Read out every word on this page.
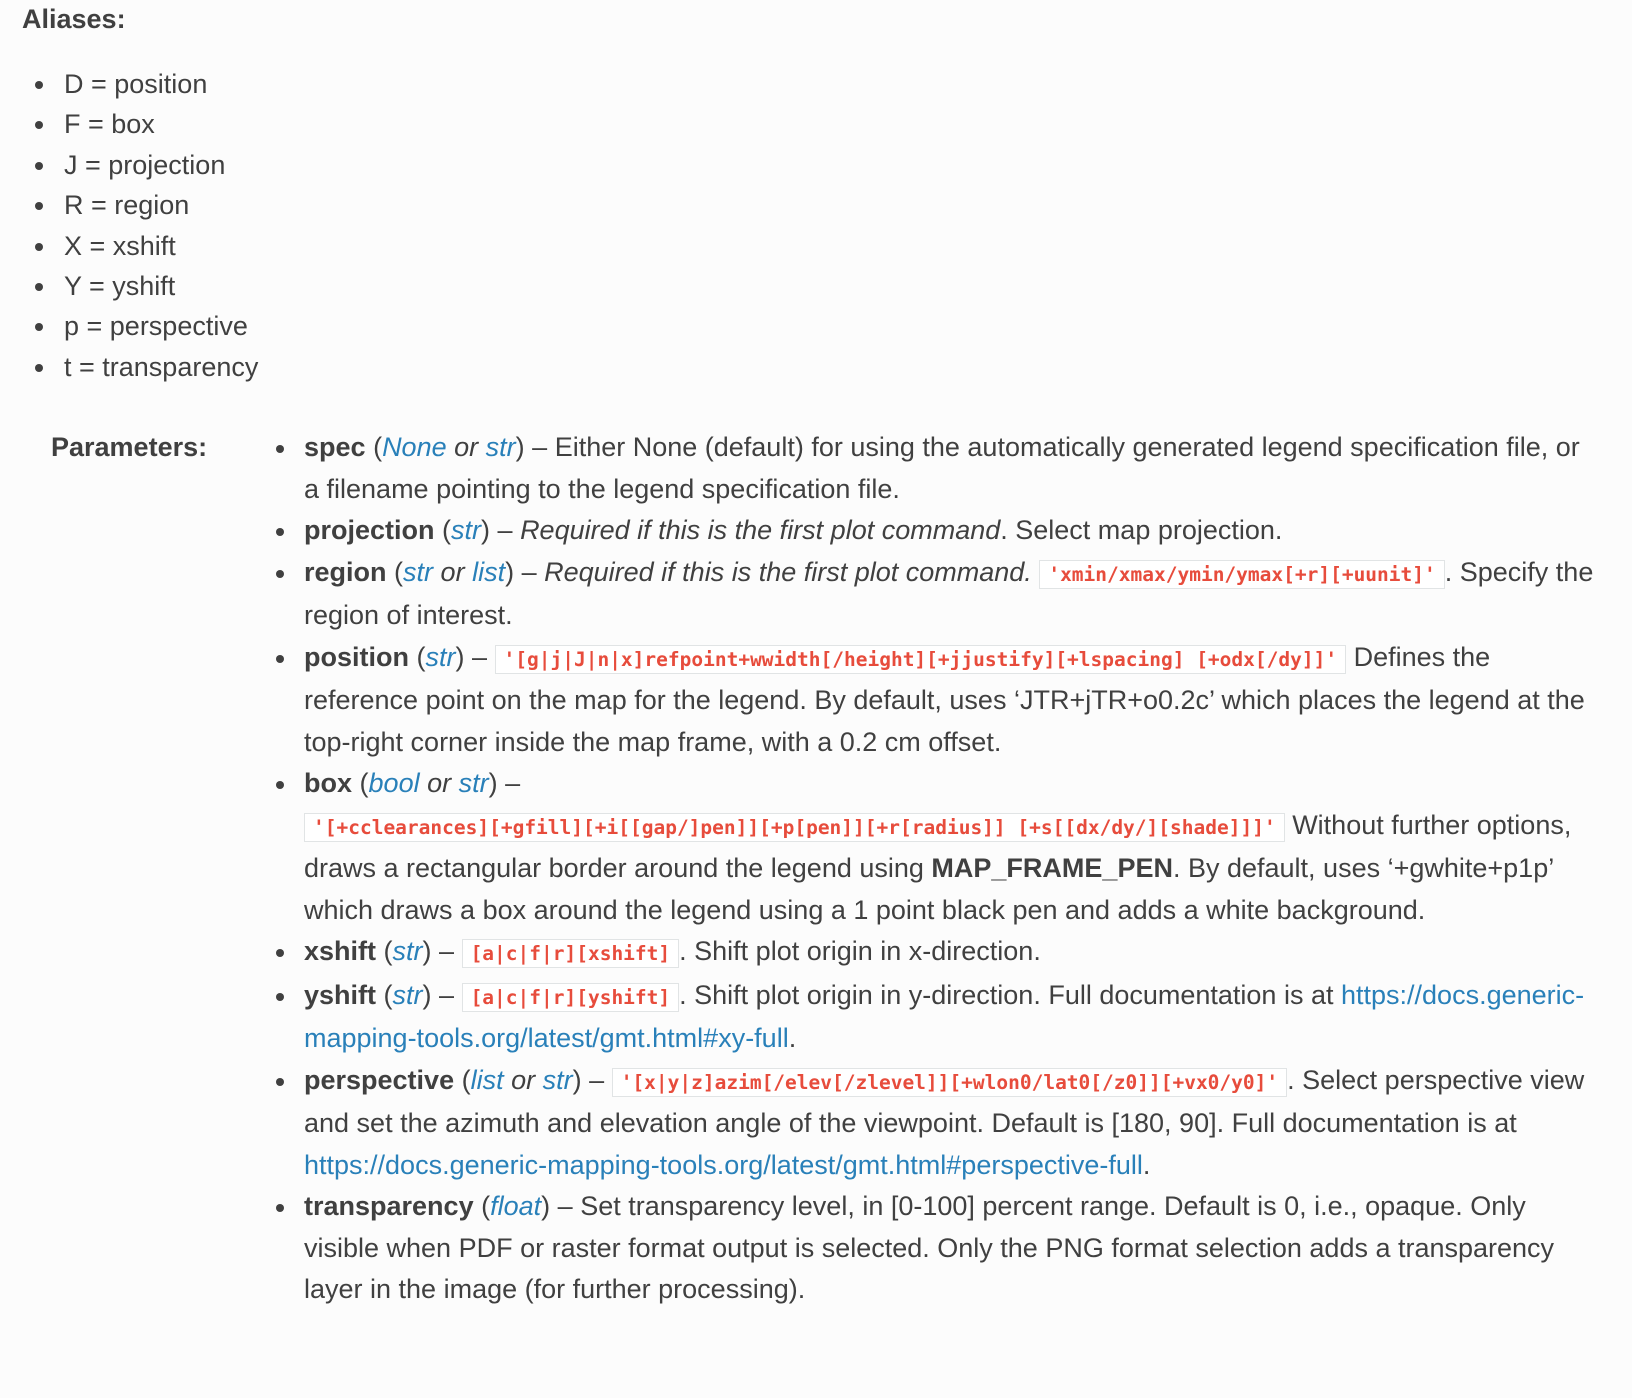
Aliases:
D = position
F = box
J = projection
R = region
X = xshift
Y = yshift
p = perspective
t = transparency
Parameters:	spec (None or str) – Either None (default) for using the automatically generated legend specification file, or a filename pointing to the legend specification file.
projection (str) – Required if this is the first plot command. Select map projection.
region (str or list) – Required if this is the first plot command. 'xmin/xmax/ymin/ymax[+r][+uunit]' . Specify the region of interest.
position (str) – '[g|j|J|n|x]refpoint+wwidth[/height][+jjustify][+lspacing] [+odx[/dy]]' Defines the reference point on the map for the legend. By default, uses ‘JTR+jTR+o0.2c’ which places the legend at the top-right corner inside the map frame, with a 0.2 cm offset.
box (bool or str) –
'[+cclearances][+gfill][+i[[gap/]pen]][+p[pen]][+r[radius]] [+s[[dx/dy/][shade]]]' Without further options, draws a rectangular border around the legend using MAP_FRAME_PEN. By default, uses ‘+gwhite+p1p’ which draws a box around the legend using a 1 point black pen and adds a white background.
xshift (str) – [a|c|f|r][xshift] . Shift plot origin in x-direction.
yshift (str) – [a|c|f|r][yshift] . Shift plot origin in y-direction. Full documentation is at https://docs.generic-mapping-tools.org/latest/gmt.html#xy-full.
perspective (list or str) – '[x|y|z]azim[/elev[/zlevel]][+wlon0/lat0[/z0]][+vx0/y0]' . Select perspective view and set the azimuth and elevation angle of the viewpoint. Default is [180, 90]. Full documentation is at https://docs.generic-mapping-tools.org/latest/gmt.html#perspective-full.
transparency (float) – Set transparency level, in [0-100] percent range. Default is 0, i.e., opaque. Only visible when PDF or raster format output is selected. Only the PNG format selection adds a transparency layer in the image (for further processing).
